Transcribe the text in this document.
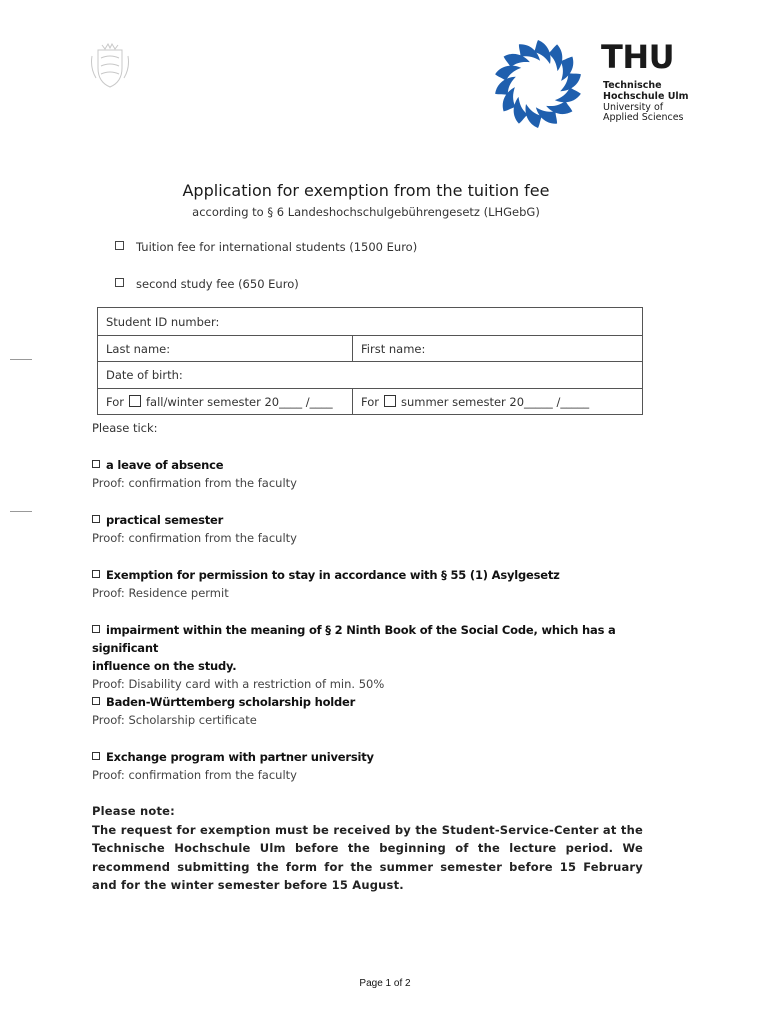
THU
Technische
Hochschule Ulm
University of
Applied Sciences
Application for exemption from the tuition fee
according to § 6 Landeshochschulgebührengesetz (LHGebG)
Tuition fee for international students (1500 Euro)
second study fee (650 Euro)
Student ID number:	
Last name:	First name:
Date of birth:	
For fall/winter semester 20____ /____	For summer semester 20_____ /_____
Please tick:
a leave of absence
Proof: confirmation from the faculty
practical semester
Proof: confirmation from the faculty
Exemption for permission to stay in accordance with § 55 (1) Asylgesetz
Proof: Residence permit
impairment within the meaning of § 2 Ninth Book of the Social Code, which has a significant
influence on the study.
Proof: Disability card with a restriction of min. 50%
Baden-Württemberg scholarship holder
Proof: Scholarship certificate
Exchange program with partner university
Proof: confirmation from the faculty
Please note:
The request for exemption must be received by the Student-Service-Center at the Technische Hochschule Ulm before the beginning of the lecture period. We recommend submitting the form for the summer semester before 15 February and for the winter semester before 15 August.
Page 1 of 2
